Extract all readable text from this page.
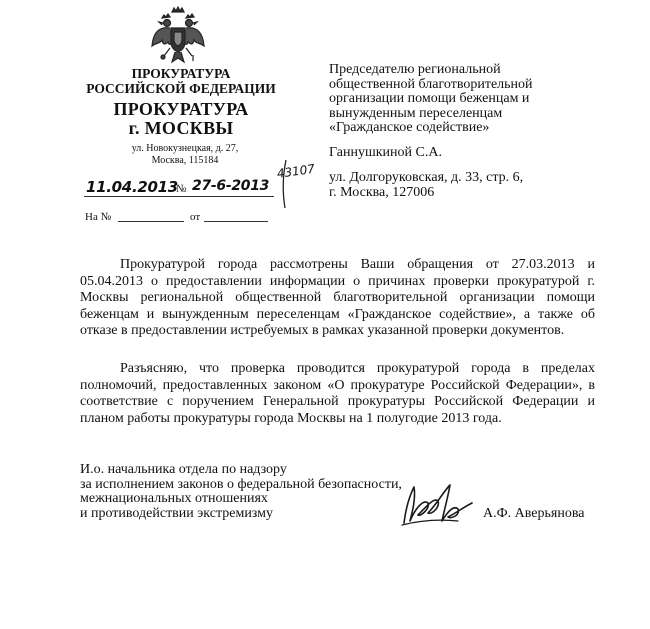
ПРОКУРАТУРА
РОССИЙСКОЙ ФЕДЕРАЦИИ
ПРОКУРАТУРА
г. МОСКВЫ
ул. Новокузнецкая, д. 27,
Москва, 115184
11.04.2013
№ 27-6-2013
43107
На №	от
Председателю региональной
общественной благотворительной
организации помощи беженцам и
вынужденным переселенцам
«Гражданское содействие»
Ганнушкиной С.А.
ул. Долгоруковская, д. 33, стр. 6,
г. Москва, 127006
Прокуратурой города рассмотрены Ваши обращения от 27.03.2013 и 05.04.2013 о предоставлении информации о причинах проверки прокуратурой г. Москвы региональной общественной благотворительной организации помощи беженцам и вынужденным переселенцам «Гражданское содействие», а также об отказе в предоставлении истребуемых в рамках указанной проверки документов.
Разъясняю, что проверка проводится прокуратурой города в пределах полномочий, предоставленных законом «О прокуратуре Российской Федерации», в соответствие с поручением Генеральной прокуратуры Российской Федерации и планом работы прокуратуры города Москвы на 1 полугодие 2013 года.
И.о. начальника отдела по надзору
за исполнением законов о федеральной безопасности,
межнациональных отношениях
и противодействии экстремизму	А.Ф. Аверьянова
